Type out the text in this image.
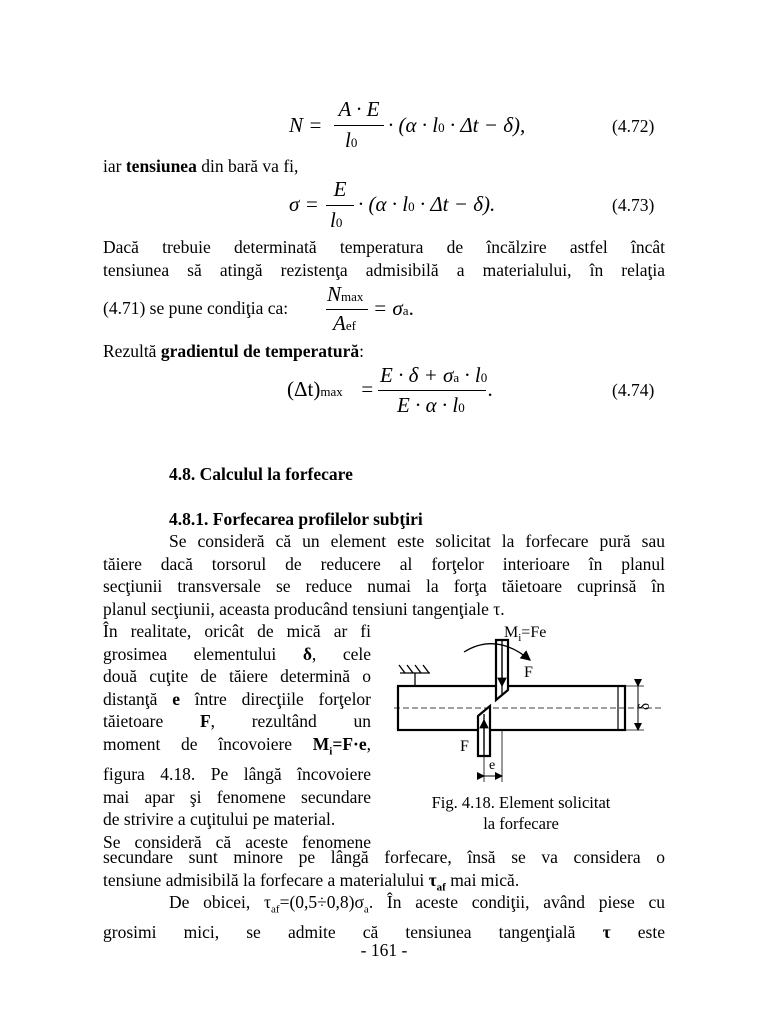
N =
A · E
l0
· (α · l0 · Δt − δ),	(4.72)
iar tensiunea din bară va fi,
σ =
E
l0
· (α · l0 · Δt − δ).	(4.73)
Dacă trebuie determinată temperatura de încălzire astfel încât
tensiunea să atingă rezistenţa admisibilă a materialului, în relaţia
(4.71) se pune condiţia ca:
Nmax
Aef
= σa.
Rezultă gradientul de temperatură:
(Δt)max =
E · δ + σa · l0
E · α · l0
.	(4.74)
4.8. Calculul la forfecare
4.8.1. Forfecarea profilelor subţiri
Se consideră că un element este solicitat la forfecare pură sau
tăiere dacă torsorul de reducere al forţelor interioare în planul
secţiunii transversale se reduce numai la forţa tăietoare cuprinsă în
planul secţiunii, aceasta producând tensiuni tangenţiale τ.
În realitate, oricât de mică ar fi
grosimea elementului δ, cele
două cuţite de tăiere determină o
distanţă e între direcţiile forţelor
tăietoare F, rezultând un
moment de încovoiere $M_i=F\cdot e$,
figura 4.18. Pe lângă încovoiere
mai apar şi fenomene secundare
de strivire a cuţitului pe material.
Se consideră că aceste fenomene
secundare sunt minore pe lângă forfecare, însă se va considera o
tensiune admisibilă la forfecare a materialului $\tau_{af}$ mai mică.
De obicei, $\tau_{af}=(0,5\div 0,8)\sigma_a$. În aceste condiţii, având piese cu
grosimi mici, se admite că tensiunea tangenţială τ este
$M_i=Fe$
F
F
δ
e
Fig. 4.18. Element solicitat
la forfecare
- 161 -
